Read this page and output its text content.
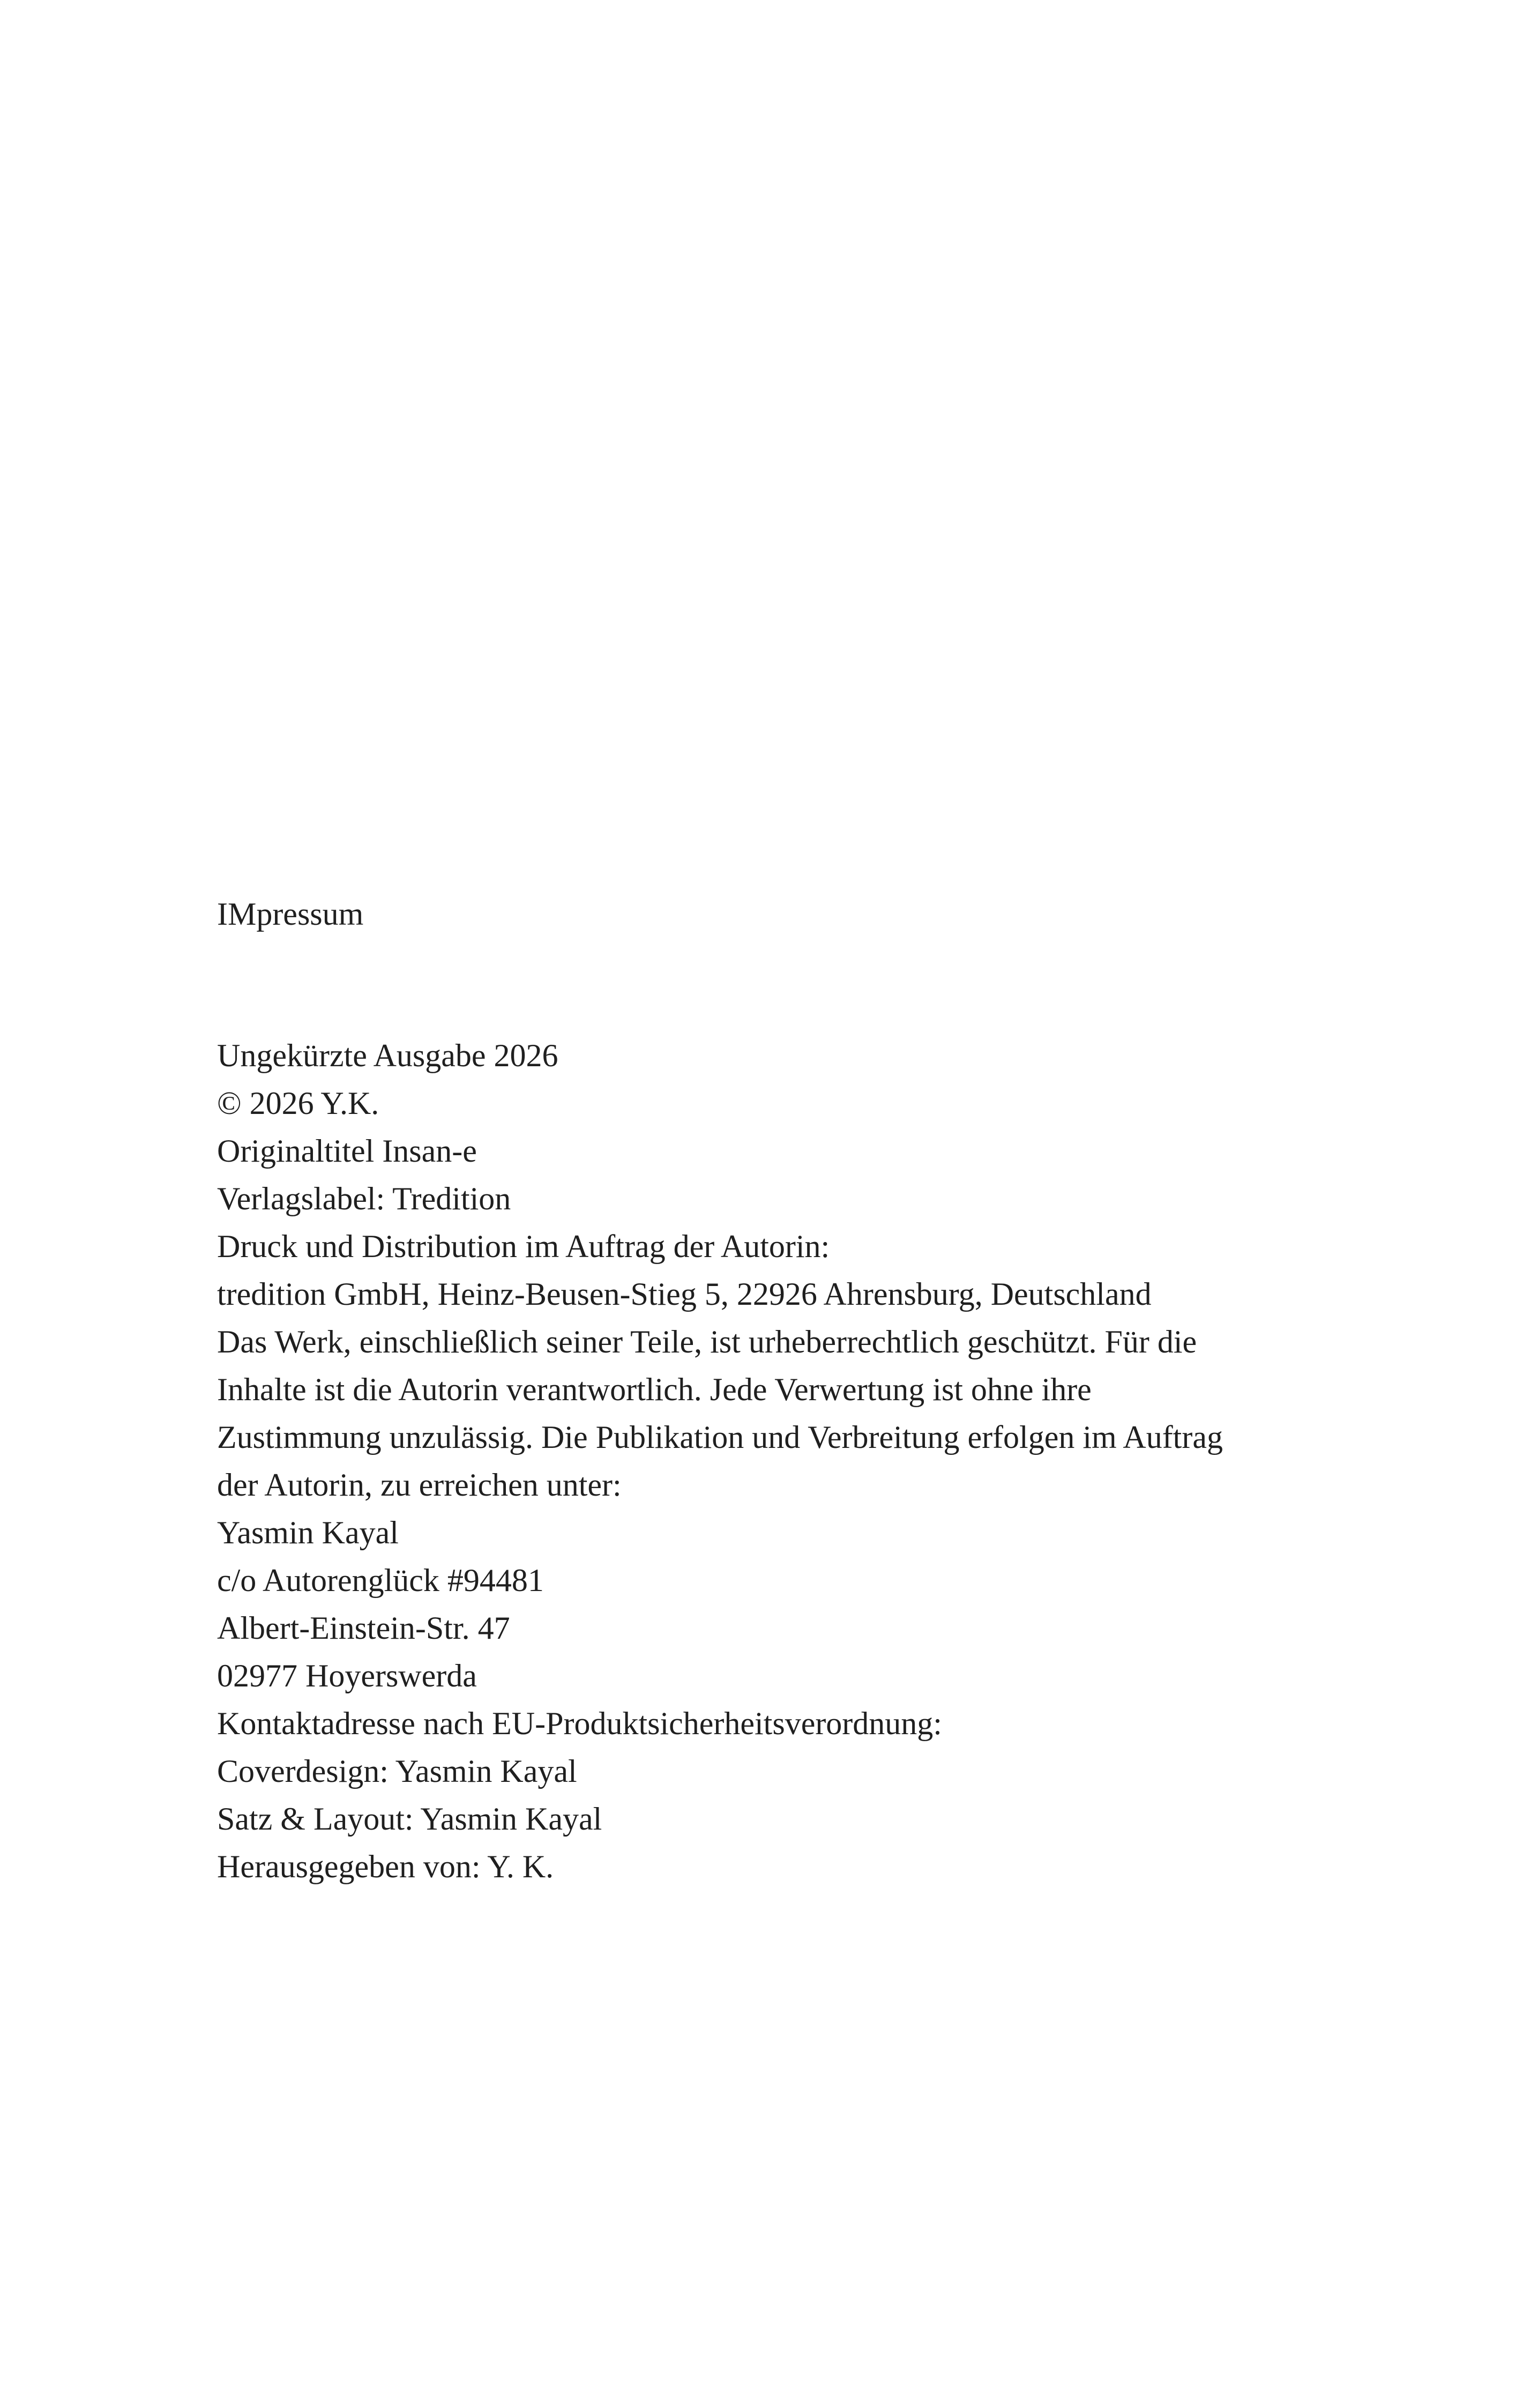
IMpressum
Ungekürzte Ausgabe 2026
© 2026 Y.K.
Originaltitel Insan-e
Verlagslabel: Tredition
Druck und Distribution im Auftrag der Autorin:
tredition GmbH, Heinz-Beusen-Stieg 5, 22926 Ahrensburg, Deutschland
Das Werk, einschließlich seiner Teile, ist urheberrechtlich geschützt. Für die
Inhalte ist die Autorin verantwortlich. Jede Verwertung ist ohne ihre
Zustimmung unzulässig. Die Publikation und Verbreitung erfolgen im Auftrag
der Autorin, zu erreichen unter:
Yasmin Kayal
c/o Autorenglück #94481
Albert-Einstein-Str. 47
02977 Hoyerswerda
Kontaktadresse nach EU-Produktsicherheitsverordnung:
Coverdesign: Yasmin Kayal
Satz & Layout: Yasmin Kayal
Herausgegeben von: Y. K.
